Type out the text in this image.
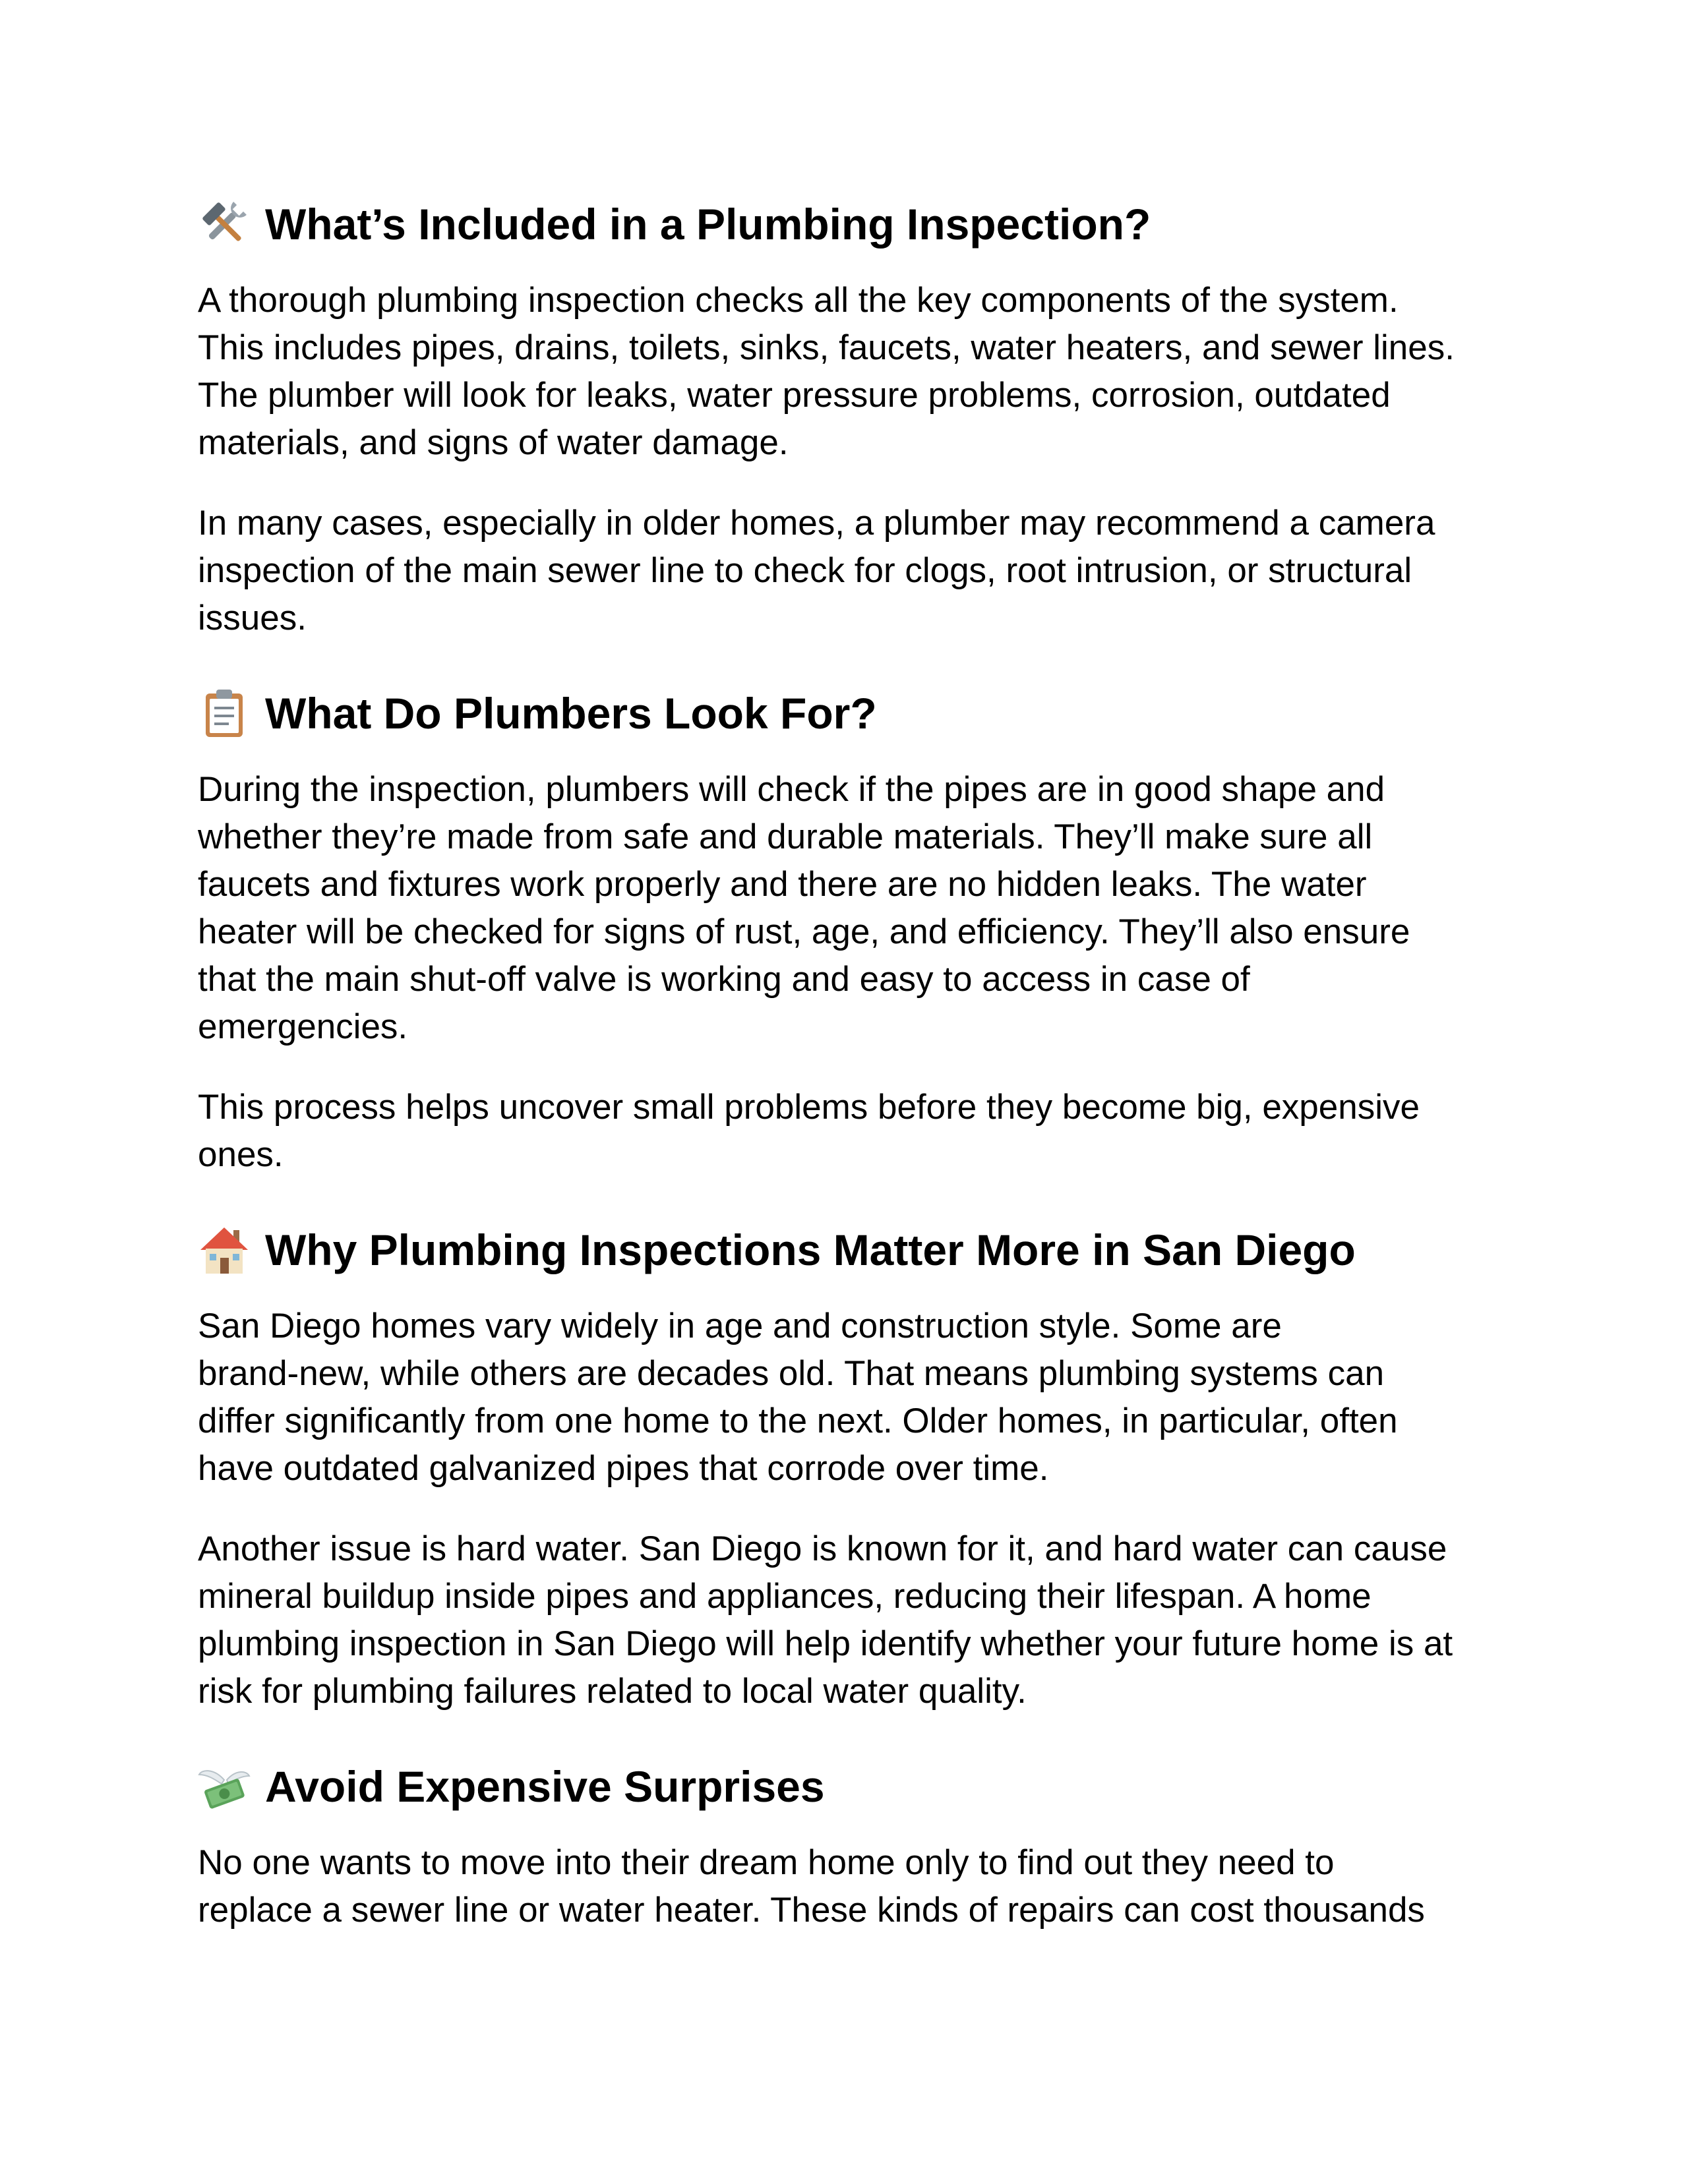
What’s Included in a Plumbing Inspection?

A thorough plumbing inspection checks all the key components of the system.
This includes pipes, drains, toilets, sinks, faucets, water heaters, and sewer lines.
The plumber will look for leaks, water pressure problems, corrosion, outdated
materials, and signs of water damage.

In many cases, especially in older homes, a plumber may recommend a camera
inspection of the main sewer line to check for clogs, root intrusion, or structural
issues.

What Do Plumbers Look For?

During the inspection, plumbers will check if the pipes are in good shape and
whether they’re made from safe and durable materials. They’ll make sure all
faucets and fixtures work properly and there are no hidden leaks. The water
heater will be checked for signs of rust, age, and efficiency. They’ll also ensure
that the main shut-off valve is working and easy to access in case of
emergencies.

This process helps uncover small problems before they become big, expensive
ones.

Why Plumbing Inspections Matter More in San Diego

San Diego homes vary widely in age and construction style. Some are
brand-new, while others are decades old. That means plumbing systems can
differ significantly from one home to the next. Older homes, in particular, often
have outdated galvanized pipes that corrode over time.

Another issue is hard water. San Diego is known for it, and hard water can cause
mineral buildup inside pipes and appliances, reducing their lifespan. A home
plumbing inspection in San Diego will help identify whether your future home is at
risk for plumbing failures related to local water quality.

Avoid Expensive Surprises

No one wants to move into their dream home only to find out they need to
replace a sewer line or water heater. These kinds of repairs can cost thousands
